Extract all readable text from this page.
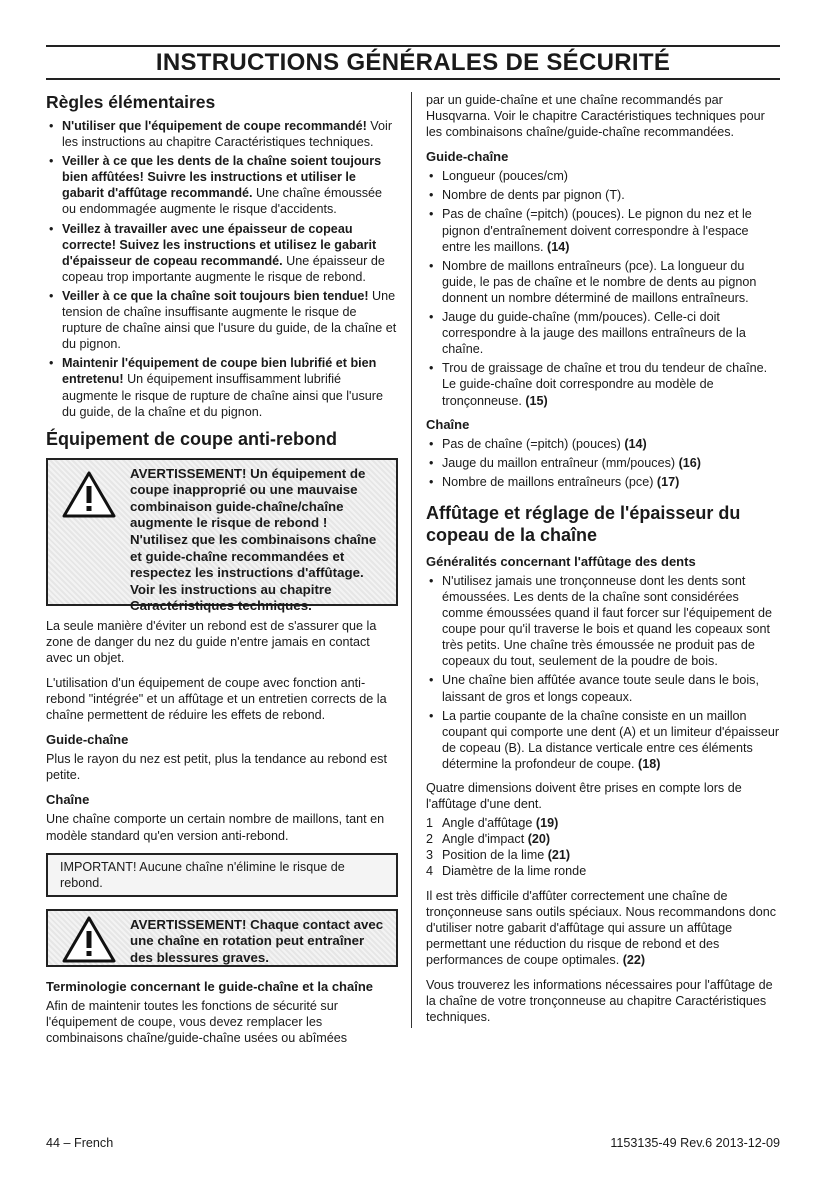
INSTRUCTIONS GÉNÉRALES DE SÉCURITÉ
Règles élémentaires
• N'utiliser que l'équipement de coupe recommandé! Voir les instructions au chapitre Caractéristiques techniques.
• Veiller à ce que les dents de la chaîne soient toujours bien affûtées! Suivre les instructions et utiliser le gabarit d'affûtage recommandé. Une chaîne émoussée ou endommagée augmente le risque d'accidents.
• Veillez à travailler avec une épaisseur de copeau correcte! Suivez les instructions et utilisez le gabarit d'épaisseur de copeau recommandé. Une épaisseur de copeau trop importante augmente le risque de rebond.
• Veiller à ce que la chaîne soit toujours bien tendue! Une tension de chaîne insuffisante augmente le risque de rupture de chaîne ainsi que l'usure du guide, de la chaîne et du pignon.
• Maintenir l'équipement de coupe bien lubrifié et bien entretenu! Un équipement insuffisamment lubrifié augmente le risque de rupture de chaîne ainsi que l'usure du guide, de la chaîne et du pignon.
Équipement de coupe anti-rebond
AVERTISSEMENT! Un équipement de coupe inapproprié ou une mauvaise combinaison guide-chaîne/chaîne augmente le risque de rebond ! N'utilisez que les combinaisons chaîne et guide-chaîne recommandées et respectez les instructions d'affûtage. Voir les instructions au chapitre Caractéristiques techniques.

La seule manière d'éviter un rebond est de s'assurer que la zone de danger du nez du guide n'entre jamais en contact avec un objet.

L'utilisation d'un équipement de coupe avec fonction anti-rebond "intégrée" et un affûtage et un entretien corrects de la chaîne permettent de réduire les effets de rebond.

Guide-chaîne

Plus le rayon du nez est petit, plus la tendance au rebond est petite.

Chaîne

Une chaîne comporte un certain nombre de maillons, tant en modèle standard qu'en version anti-rebond.

IMPORTANT! Aucune chaîne n'élimine le risque de rebond.
AVERTISSEMENT! Chaque contact avec une chaîne en rotation peut entraîner des blessures graves.
Terminologie concernant le guide-chaîne et la chaîne

Afin de maintenir toutes les fonctions de sécurité sur l'équipement de coupe, vous devez remplacer les combinaisons chaîne/guide-chaîne usées ou abîmées

par un guide-chaîne et une chaîne recommandés par Husqvarna. Voir le chapitre Caractéristiques techniques pour les combinaisons chaîne/guide-chaîne recommandées.

Guide-chaîne
• Longueur (pouces/cm)
• Nombre de dents par pignon (T).
• Pas de chaîne (=pitch) (pouces). Le pignon du nez et le pignon d'entraînement doivent correspondre à l'espace entre les maillons. (14)
• Nombre de maillons entraîneurs (pce). La longueur du guide, le pas de chaîne et le nombre de dents au pignon donnent un nombre déterminé de maillons entraîneurs.
• Jauge du guide-chaîne (mm/pouces). Celle-ci doit correspondre à la jauge des maillons entraîneurs de la chaîne.
• Trou de graissage de chaîne et trou du tendeur de chaîne. Le guide-chaîne doit correspondre au modèle de tronçonneuse. (15)
Chaîne
• Pas de chaîne (=pitch) (pouces) (14)
• Jauge du maillon entraîneur (mm/pouces) (16)
• Nombre de maillons entraîneurs (pce) (17)
Affûtage et réglage de l'épaisseur du copeau de la chaîne
Généralités concernant l'affûtage des dents
• N'utilisez jamais une tronçonneuse dont les dents sont émoussées. Les dents de la chaîne sont considérées comme émoussées quand il faut forcer sur l'équipement de coupe pour qu'il traverse le bois et quand les copeaux sont très petits. Une chaîne très émoussée ne produit pas de copeaux du tout, seulement de la poudre de bois.
• Une chaîne bien affûtée avance toute seule dans le bois, laissant de gros et longs copeaux.
• La partie coupante de la chaîne consiste en un maillon coupant qui comporte une dent (A) et un limiteur d'épaisseur de copeau (B). La distance verticale entre ces éléments détermine la profondeur de coupe. (18)

Quatre dimensions doivent être prises en compte lors de l'affûtage d'une dent.

1 Angle d'affûtage (19)
2 Angle d'impact (20)
3 Position de la lime (21)
4 Diamètre de la lime ronde

Il est très difficile d'affûter correctement une chaîne de tronçonneuse sans outils spéciaux. Nous recommandons donc d'utiliser notre gabarit d'affûtage qui assure un affûtage permettant une réduction du risque de rebond et des performances de coupe optimales. (22)

Vous trouverez les informations nécessaires pour l'affûtage de la chaîne de votre tronçonneuse au chapitre Caractéristiques techniques.

44 – French	1153135-49 Rev.6 2013-12-09
